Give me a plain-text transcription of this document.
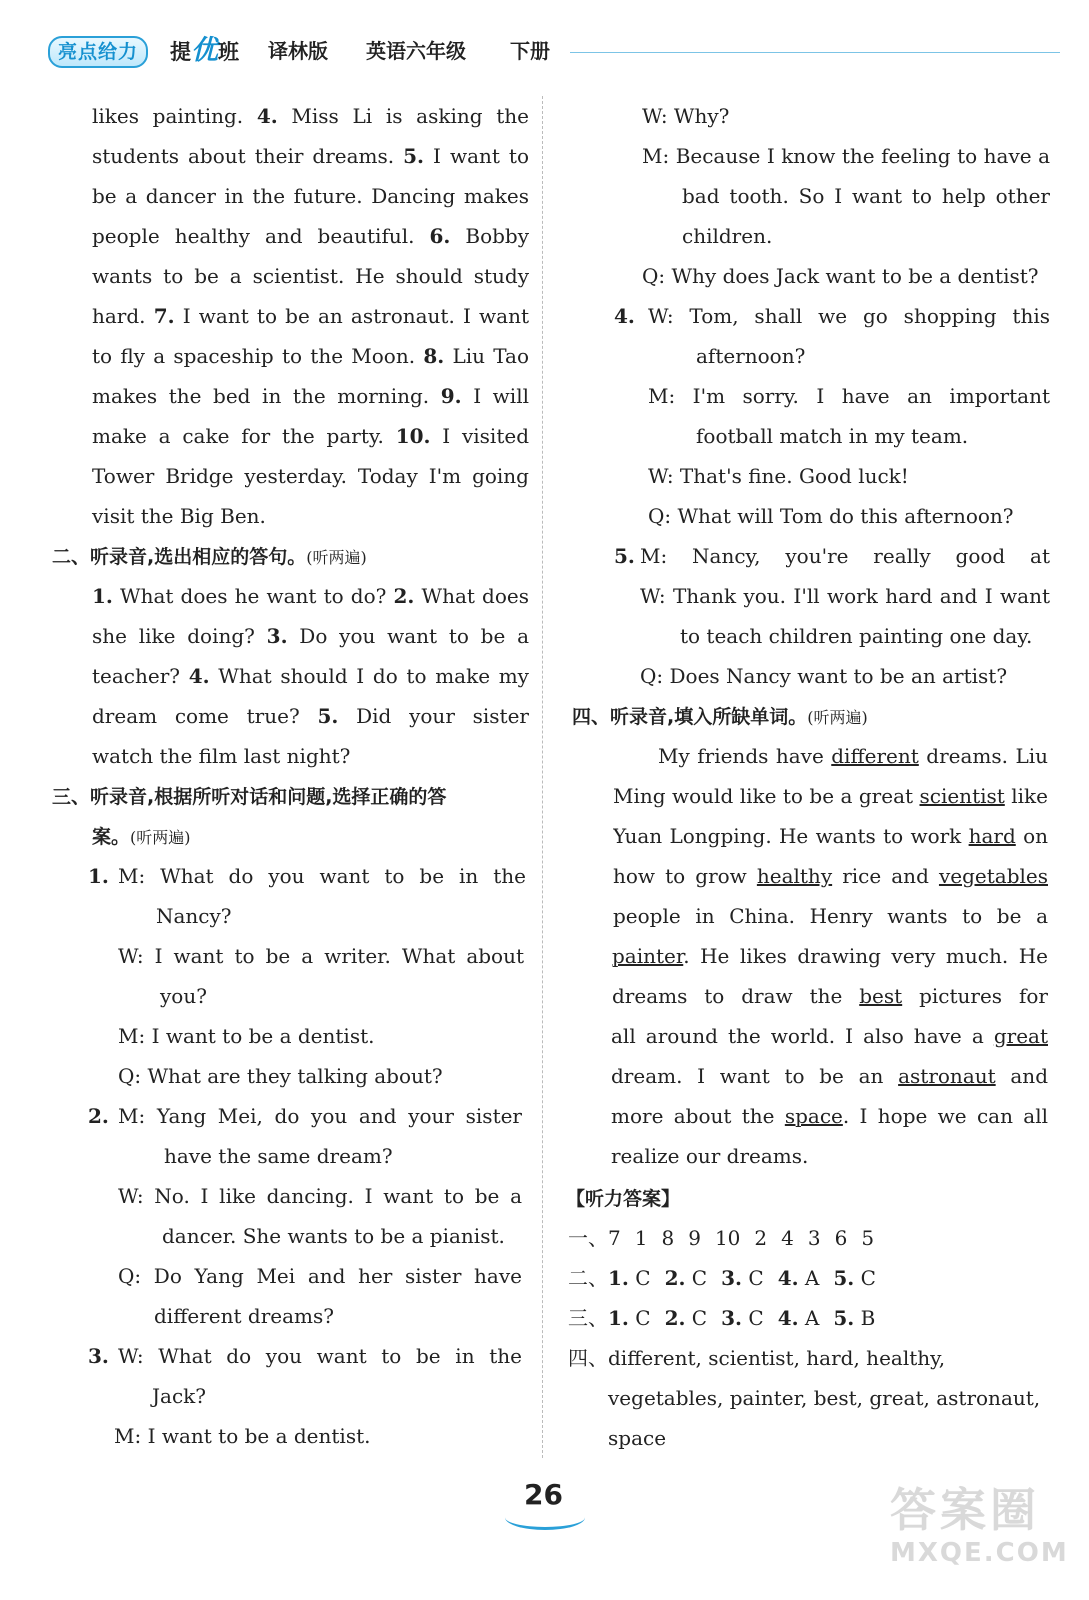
亮点给力	提优班 译林版 英语六年级 下册
likes painting. 4. Miss Li is asking the
students about their dreams. 5. I want to
be a dancer in the future. Dancing makes
people healthy and beautiful. 6. Bobby
wants to be a scientist. He should study
hard. 7. I want to be an astronaut. I want
to fly a spaceship to the Moon. 8. Liu Tao
makes the bed in the morning. 9. I will
make a cake for the party. 10. I visited
Tower Bridge yesterday. Today I'm going
visit the Big Ben.
二、听录音,选出相应的答句。(听两遍)
1. What does he want to do? 2. What does
she like doing? 3. Do you want to be a
teacher? 4. What should I do to make my
dream come true? 5. Did your sister
watch the film last night?
三、听录音,根据所听对话和问题,选择正确的答
案。(听两遍)
1. M: What do you want to be in the
Nancy?
W: I want to be a writer. What about
you?
M: I want to be a dentist.
Q: What are they talking about?
2. M: Yang Mei, do you and your sister
have the same dream?
W: No. I like dancing. I want to be a
dancer. She wants to be a pianist.
Q: Do Yang Mei and her sister have
different dreams?
3. W: What do you want to be in the
Jack?
M: I want to be a dentist.
W: Why?
M: Because I know the feeling to have a
bad tooth. So I want to help other
children.
Q: Why does Jack want to be a dentist?
4. W: Tom, shall we go shopping this
afternoon?
M: I'm sorry. I have an important
football match in my team.
W: That's fine. Good luck!
Q: What will Tom do this afternoon?
5. M: Nancy, you're really good at
W: Thank you. I'll work hard and I want
to teach children painting one day.
Q: Does Nancy want to be an artist?
四、听录音,填入所缺单词。(听两遍)
My friends have different dreams. Liu
Ming would like to be a great scientist like
Yuan Longping. He wants to work hard on
how to grow healthy rice and vegetables
people in China. Henry wants to be a
painter. He likes drawing very much. He
dreams to draw the best pictures for
all around the world. I also have a great
dream. I want to be an astronaut and
more about the space. I hope we can all
realize our dreams.
【听力答案】
一、7 1 8 9 10 2 4 3 6 5
二、1. C 2. C 3. C 4. A 5. C
三、1. C 2. C 3. C 4. A 5. B
四、different, scientist, hard, healthy,
vegetables, painter, best, great, astronaut,
space
26	答案圈
MXQE.COM
